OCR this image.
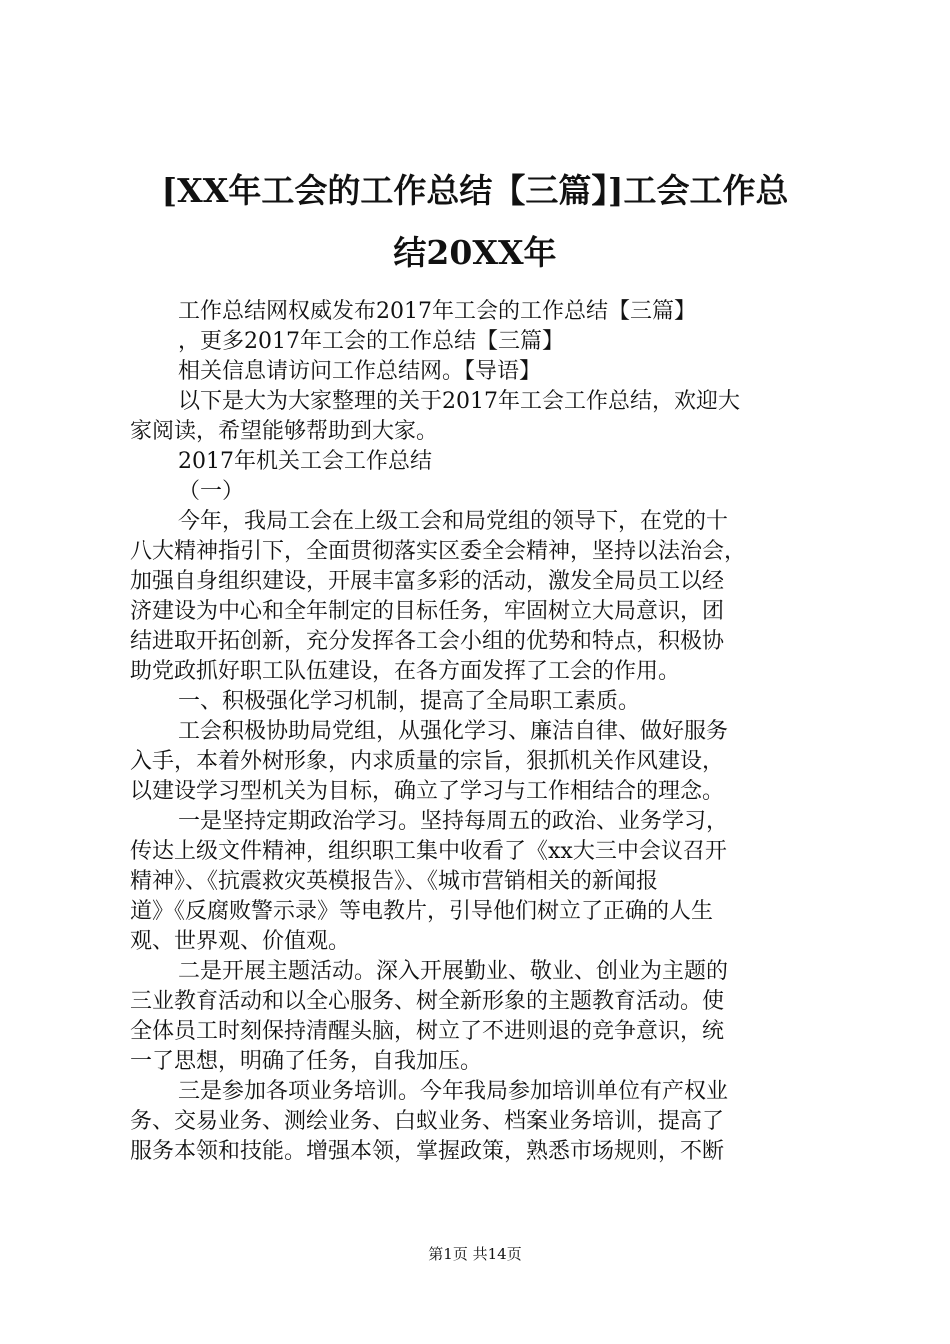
[XX年工会的工作总结【三篇】]工会工作总
结20XX年
工作总结网权威发布2017年工会的工作总结【三篇】
，更多2017年工会的工作总结【三篇】
相关信息请访问工作总结网。【导语】
以下是大为大家整理的关于2017年工会工作总结，欢迎大
家阅读，希望能够帮助到大家。
2017年机关工会工作总结
（一）
今年，我局工会在上级工会和局党组的领导下，在党的十
八大精神指引下，全面贯彻落实区委全会精神，坚持以法治会，
加强自身组织建设，开展丰富多彩的活动，激发全局员工以经
济建设为中心和全年制定的目标任务，牢固树立大局意识，团
结进取开拓创新，充分发挥各工会小组的优势和特点，积极协
助党政抓好职工队伍建设，在各方面发挥了工会的作用。
一、积极强化学习机制，提高了全局职工素质。
工会积极协助局党组，从强化学习、廉洁自律、做好服务
入手，本着外树形象，内求质量的宗旨，狠抓机关作风建设，
以建设学习型机关为目标，确立了学习与工作相结合的理念。
一是坚持定期政治学习。坚持每周五的政治、业务学习，
传达上级文件精神，组织职工集中收看了《xx大三中会议召开
精神》、《抗震救灾英模报告》、《城市营销相关的新闻报
道》《反腐败警示录》等电教片，引导他们树立了正确的人生
观、世界观、价值观。
二是开展主题活动。深入开展勤业、敬业、创业为主题的
三业教育活动和以全心服务、树全新形象的主题教育活动。使
全体员工时刻保持清醒头脑，树立了不进则退的竞争意识，统
一了思想，明确了任务，自我加压。
三是参加各项业务培训。今年我局参加培训单位有产权业
务、交易业务、测绘业务、白蚁业务、档案业务培训，提高了
服务本领和技能。增强本领，掌握政策，熟悉市场规则，不断
第1页 共14页
